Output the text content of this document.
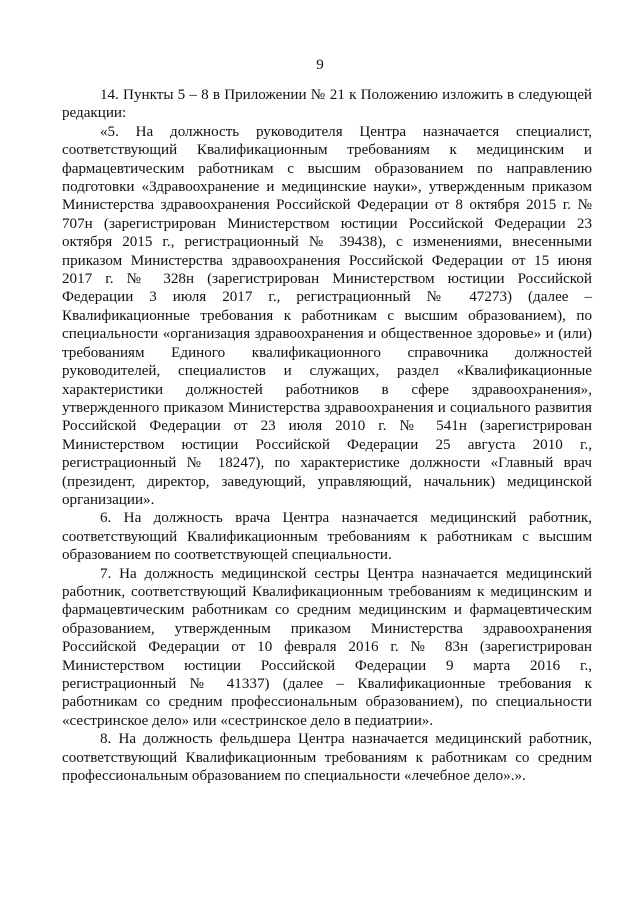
9

14. Пункты 5 – 8 в Приложении № 21 к Положению изложить в следующей редакции:

«5. На должность руководителя Центра назначается специалист, соответствующий Квалификационным требованиям к медицинским и фармацевтическим работникам с высшим образованием по направлению подготовки «Здравоохранение и медицинские науки», утвержденным приказом Министерства здравоохранения Российской Федерации от 8 октября 2015 г. № 707н (зарегистрирован Министерством юстиции Российской Федерации 23 октября 2015 г., регистрационный № 39438), с изменениями, внесенными приказом Министерства здравоохранения Российской Федерации от 15 июня 2017 г. № 328н (зарегистрирован Министерством юстиции Российской Федерации 3 июля 2017 г., регистрационный № 47273) (далее – Квалификационные требования к работникам с высшим образованием), по специальности «организация здравоохранения и общественное здоровье» и (или) требованиям Единого квалификационного справочника должностей руководителей, специалистов и служащих, раздел «Квалификационные характеристики должностей работников в сфере здравоохранения», утвержденного приказом Министерства здравоохранения и социального развития Российской Федерации от 23 июля 2010 г. № 541н (зарегистрирован Министерством юстиции Российской Федерации 25 августа 2010 г., регистрационный № 18247), по характеристике должности «Главный врач (президент, директор, заведующий, управляющий, начальник) медицинской организации».

6. На должность врача Центра назначается медицинский работник, соответствующий Квалификационным требованиям к работникам с высшим образованием по соответствующей специальности.

7. На должность медицинской сестры Центра назначается медицинский работник, соответствующий Квалификационным требованиям к медицинским и фармацевтическим работникам со средним медицинским и фармацевтическим образованием, утвержденным приказом Министерства здравоохранения Российской Федерации от 10 февраля 2016 г. № 83н (зарегистрирован Министерством юстиции Российской Федерации 9 марта 2016 г., регистрационный № 41337) (далее – Квалификационные требования к работникам со средним профессиональным образованием), по специальности «сестринское дело» или «сестринское дело в педиатрии».

8. На должность фельдшера Центра назначается медицинский работник, соответствующий Квалификационным требованиям к работникам со средним профессиональным образованием по специальности «лечебное дело».».
